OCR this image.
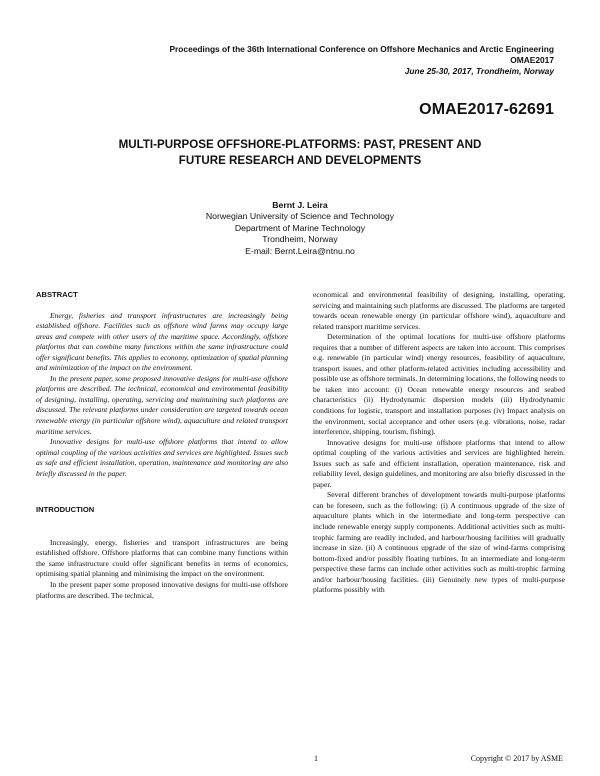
Proceedings of the 36th International Conference on Offshore Mechanics and Arctic Engineering
OMAE2017
June 25-30, 2017, Trondheim, Norway
OMAE2017-62691
MULTI-PURPOSE OFFSHORE-PLATFORMS: PAST, PRESENT AND
FUTURE RESEARCH AND DEVELOPMENTS
Bernt J. Leira
Norwegian University of Science and Technology
Department of Marine Technology
Trondheim, Norway
E-mail: Bernt.Leira@ntnu.no
ABSTRACT

Energy, fisheries and transport infrastructures are increasingly being established offshore. Facilities such as offshore wind farms may occupy large areas and compete with other users of the maritime space. Accordingly, offshore platforms that can combine many functions within the same infrastructure could offer significant benefits. This applies to economy, optimization of spatial planning and minimization of the impact on the environment.

In the present paper, some proposed innovative designs for multi-use offshore platforms are described. The technical, economical and environmental feasibility of designing, installing, operating, servicing and maintaining such platforms are discussed. The relevant platforms under consideration are targeted towards ocean renewable energy (in particular offshore wind), aquaculture and related transport maritime services.

Innovative designs for multi-use offshore platforms that intend to allow optimal coupling of the various activities and services are highlighted. Issues such as safe and efficient installation, operation, maintenance and monitoring are also briefly discussed in the paper.

INTRODUCTION

Increasingly, energy, fisheries and transport infrastructures are being established offshore. Offshore platforms that can combine many functions within the same infrastructure could offer significant benefits in terms of economics, optimising spatial planning and minimising the impact on the environment.

In the present paper some proposed innovative designs for multi-use offshore platforms are described. The technical,

economical and environmental feasibility of designing, installing, operating, servicing and maintaining such platforms are discussed. The platforms are targeted towards ocean renewable energy (in particular offshore wind), aquaculture and related transport maritime services.

Determination of the optimal locations for multi-use offshore platforms requires that a number of different aspects are taken into account. This comprises e.g. renewable (in particular wind) energy resources, feasibility of aquaculture, transport issues, and other platform-related activities including accessibility and possible use as offshore terminals. In determining locations, the following needs to be taken into account: (i) Ocean renewable energy resources and seabed characteristics (ii) Hydrodynamic dispersion models (iii) Hydrodynamic conditions for logistic, transport and installation purposes (iv) Impact analysis on the environment, social acceptance and other users (e.g. vibrations, noise, radar interference, shipping, tourism, fishing).

Innovative designs for multi-use offshore platforms that intend to allow optimal coupling of the various activities and services are highlighted herein. Issues such as safe and efficient installation, operation maintenance, risk and reliability level, design guidelines, and monitoring are also briefly discussed in the paper.

Several different branches of development towards multi-purpose platforms can be foreseen, such as the following: (i) A continuous upgrade of the size of aquaculture plants which in the intermediate and long-term perspective can include renewable energy supply components. Additional activities such as multi-trophic farming are readily included, and harbour/housing facilities will gradually increase in size. (ii) A continuous upgrade of the size of wind-farms comprising bottom-fixed and/or possibly floating turbines. In an intermediate and long-term perspective these farms can include other activities such as multi-trophic farming and/or harbour/housing facilities. (iii) Genuinely new types of multi-purpose platforms possibly with

1	Copyright © 2017 by ASME
